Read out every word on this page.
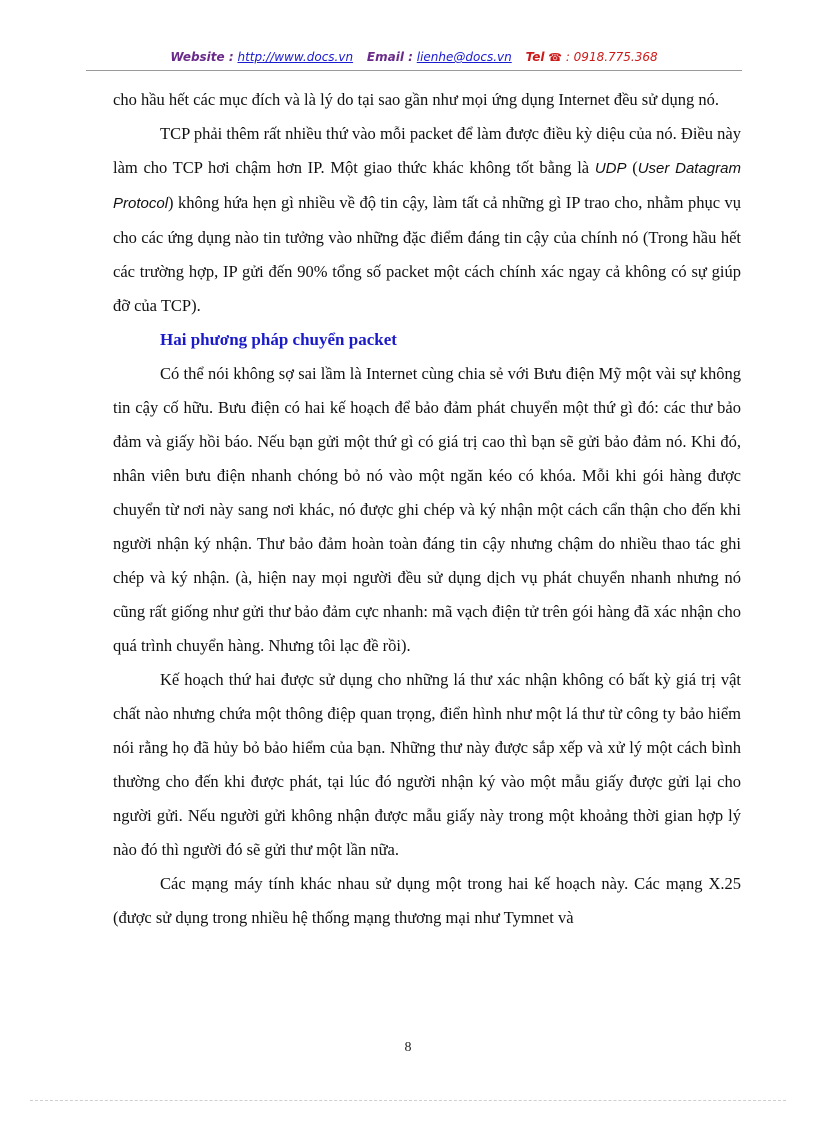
Website : http://www.docs.vn Email : lienhe@docs.vn Tel ☎ : 0918.775.368

cho hầu hết các mục đích và là lý do tại sao gần như mọi ứng dụng Internet đều sử dụng nó.

TCP phải thêm rất nhiều thứ vào mỗi packet để làm được điều kỳ diệu của nó. Điều này làm cho TCP hơi chậm hơn IP. Một giao thức khác không tốt bằng là UDP (User Datagram Protocol) không hứa hẹn gì nhiều về độ tin cậy, làm tất cả những gì IP trao cho, nhằm phục vụ cho các ứng dụng nào tin tưởng vào những đặc điểm đáng tin cậy của chính nó (Trong hầu hết các trường hợp, IP gửi đến 90% tổng số packet một cách chính xác ngay cả không có sự giúp đỡ của TCP).

Hai phương pháp chuyển packet

Có thể nói không sợ sai lầm là Internet cùng chia sẻ với Bưu điện Mỹ một vài sự không tin cậy cố hữu. Bưu điện có hai kế hoạch để bảo đảm phát chuyển một thứ gì đó: các thư bảo đảm và giấy hồi báo. Nếu bạn gửi một thứ gì có giá trị cao thì bạn sẽ gửi bảo đảm nó. Khi đó, nhân viên bưu điện nhanh chóng bỏ nó vào một ngăn kéo có khóa. Mỗi khi gói hàng được chuyển từ nơi này sang nơi khác, nó được ghi chép và ký nhận một cách cẩn thận cho đến khi người nhận ký nhận. Thư bảo đảm hoàn toàn đáng tin cậy nhưng chậm do nhiều thao tác ghi chép và ký nhận. (à, hiện nay mọi người đều sử dụng dịch vụ phát chuyển nhanh nhưng nó cũng rất giống như gửi thư bảo đảm cực nhanh: mã vạch điện tử trên gói hàng đã xác nhận cho quá trình chuyển hàng. Nhưng tôi lạc đề rồi).

Kế hoạch thứ hai được sử dụng cho những lá thư xác nhận không có bất kỳ giá trị vật chất nào nhưng chứa một thông điệp quan trọng, điển hình như một lá thư từ công ty bảo hiểm nói rằng họ đã hủy bỏ bảo hiểm của bạn. Những thư này được sắp xếp và xử lý một cách bình thường cho đến khi được phát, tại lúc đó người nhận ký vào một mẫu giấy được gửi lại cho người gửi. Nếu người gửi không nhận được mẫu giấy này trong một khoảng thời gian hợp lý nào đó thì người đó sẽ gửi thư một lần nữa.

Các mạng máy tính khác nhau sử dụng một trong hai kế hoạch này. Các mạng X.25 (được sử dụng trong nhiều hệ thống mạng thương mại như Tymnet và

8
